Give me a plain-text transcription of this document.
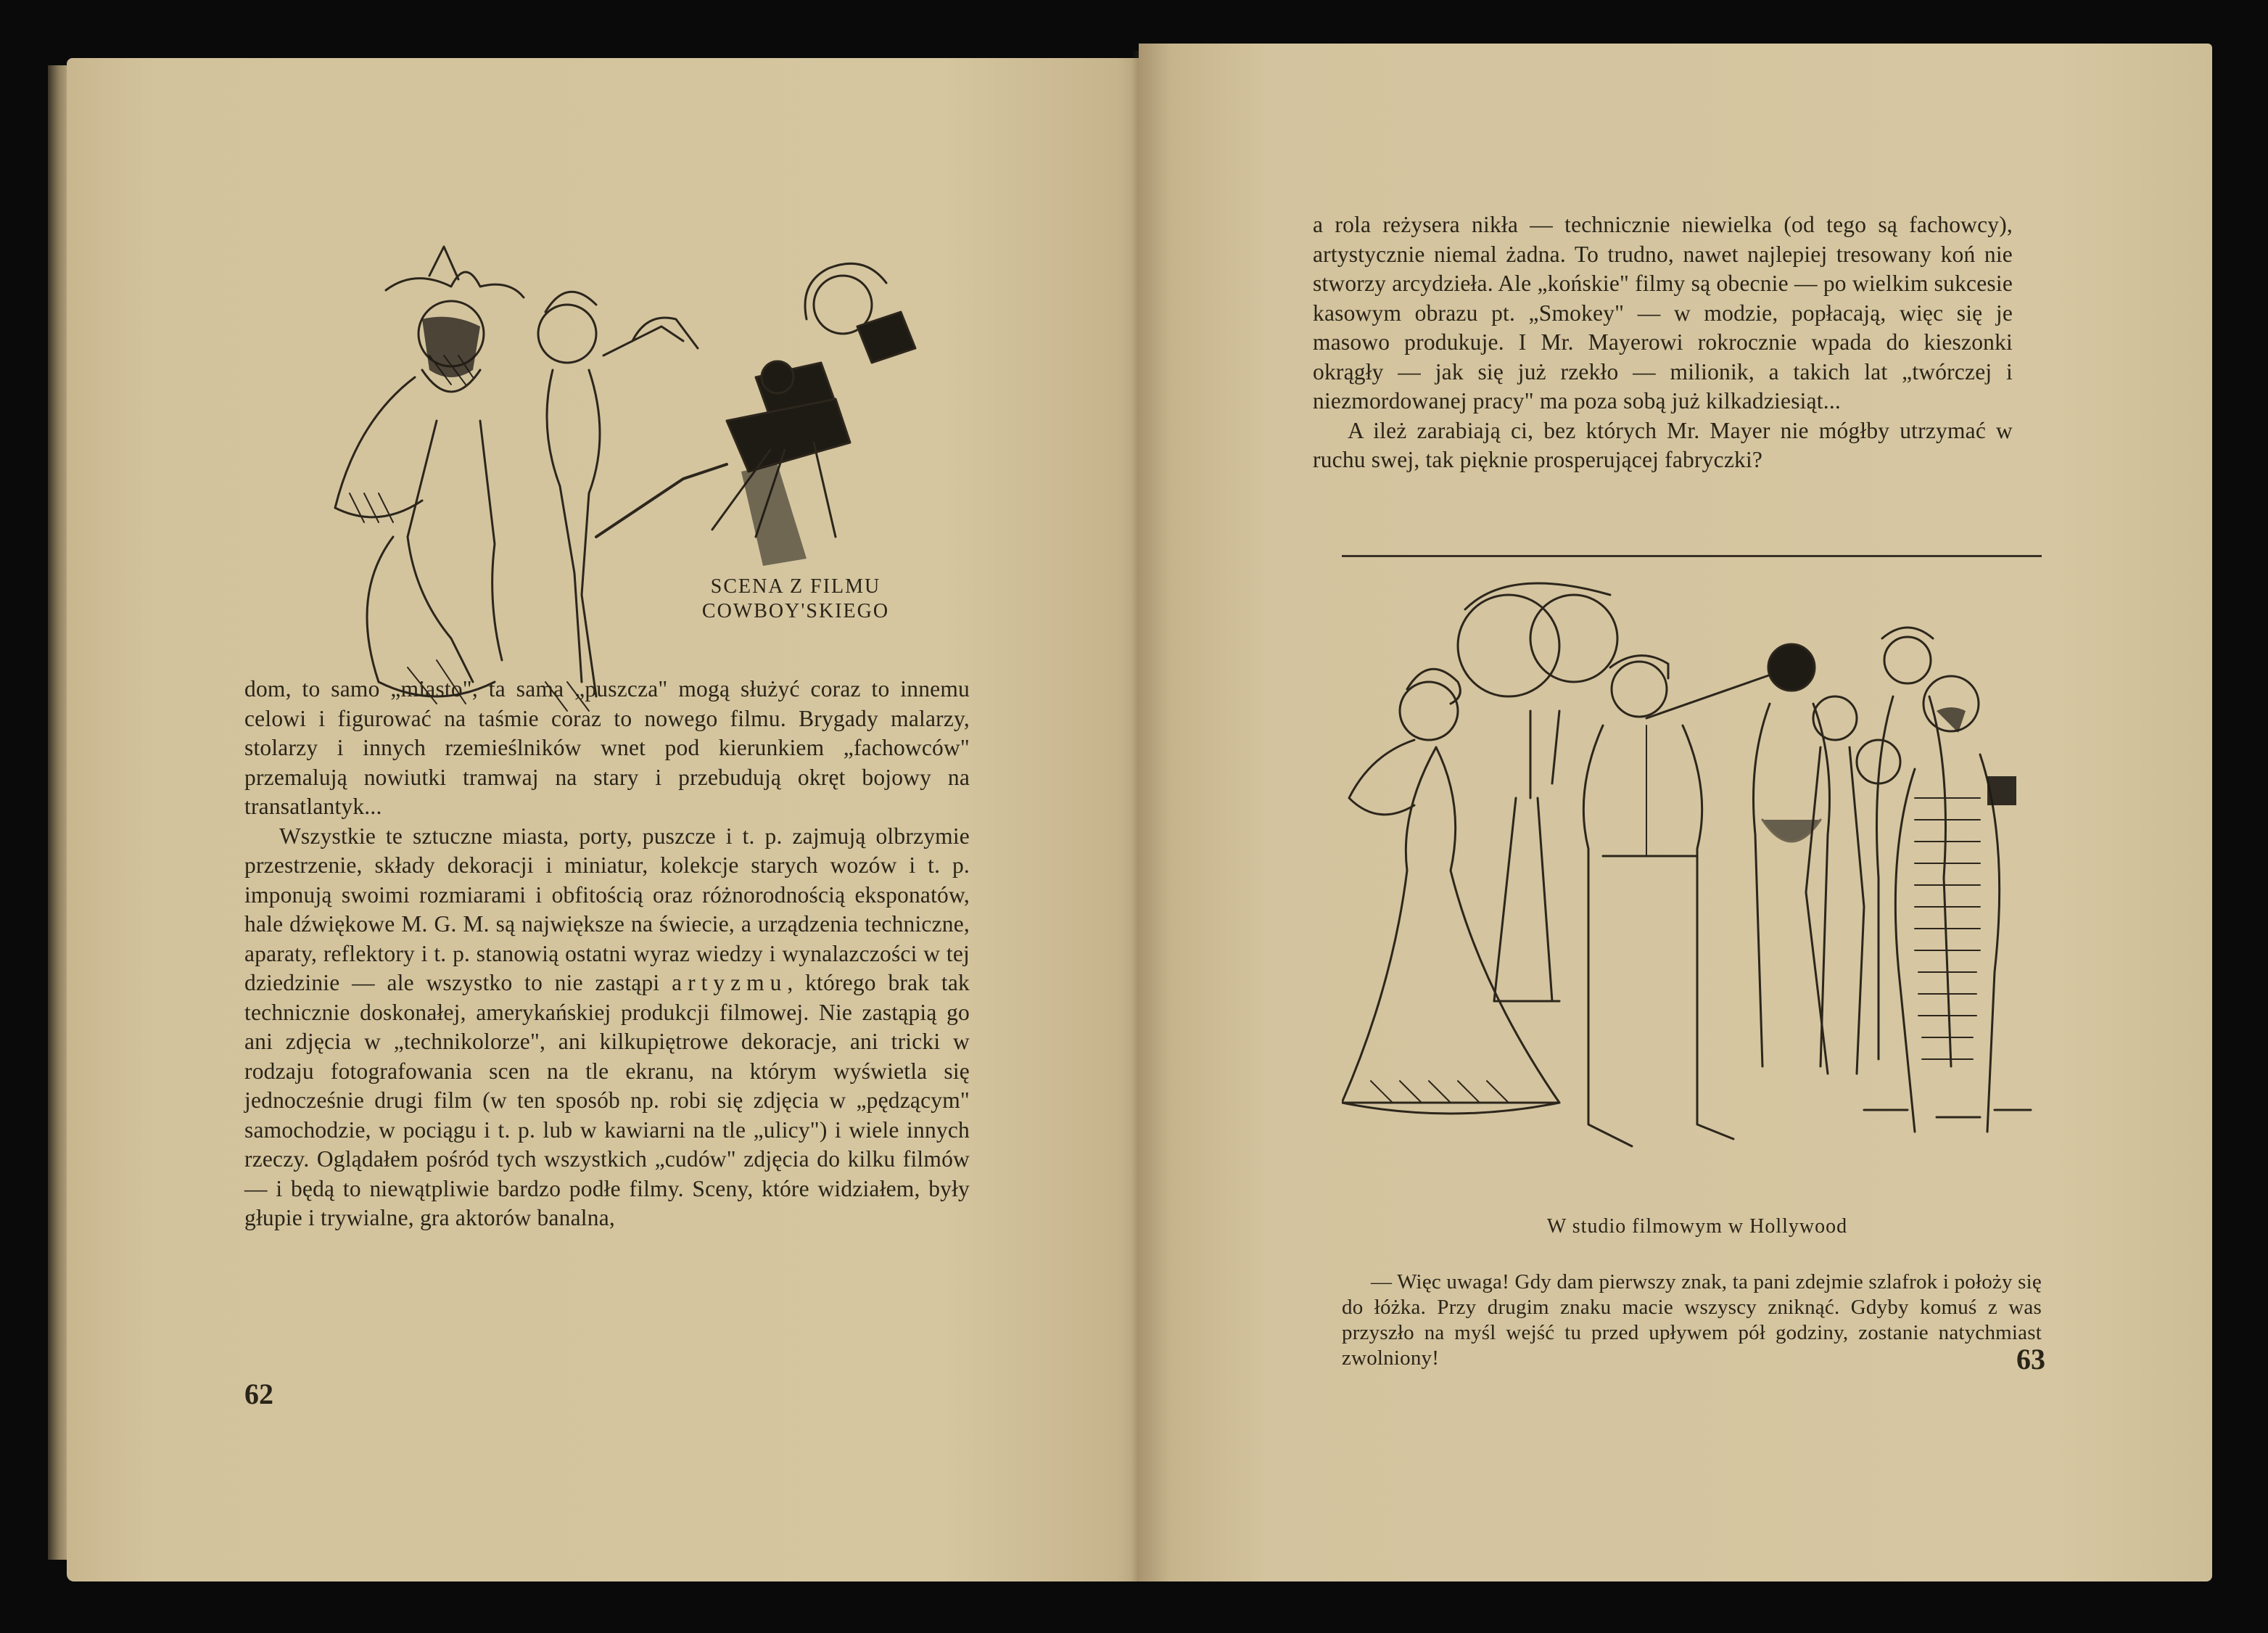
SCENA Z FILMU
COWBOY'SKIEGO

dom, to samo „miasto", ta sama „puszcza" mogą służyć coraz to innemu celowi i figurować na taśmie coraz to nowego filmu. Brygady malarzy, stolarzy i innych rzemieślników wnet pod kierunkiem „fachowców" przemalują nowiutki tramwaj na stary i przebudują okręt bojowy na transatlantyk...

Wszystkie te sztuczne miasta, porty, puszcze i t. p. zajmują olbrzymie przestrzenie, składy dekoracji i miniatur, kolekcje starych wozów i t. p. imponują swoimi rozmiarami i obfitością oraz różnorodnością eksponatów, hale dźwiękowe M. G. M. są największe na świecie, a urządzenia techniczne, aparaty, reflektory i t. p. stanowią ostatni wyraz wiedzy i wynalazczości w tej dziedzinie — ale wszystko to nie zastąpi artyzmu, którego brak tak technicznie doskonałej, amerykańskiej produkcji filmowej. Nie zastąpią go ani zdjęcia w „technikolorze", ani kilkupiętrowe dekoracje, ani tricki w rodzaju fotografowania scen na tle ekranu, na którym wyświetla się jednocześnie drugi film (w ten sposób np. robi się zdjęcia w „pędzącym" samochodzie, w pociągu i t. p. lub w kawiarni na tle „ulicy") i wiele innych rzeczy. Oglądałem pośród tych wszystkich „cudów" zdjęcia do kilku filmów — i będą to niewątpliwie bardzo podłe filmy. Sceny, które widziałem, były głupie i trywialne, gra aktorów banalna,

62

a rola reżysera nikła — technicznie niewielka (od tego są fachowcy), artystycznie niemal żadna. To trudno, nawet najlepiej tresowany koń nie stworzy arcydzieła. Ale „końskie" filmy są obecnie — po wielkim sukcesie kasowym obrazu pt. „Smokey" — w modzie, popłacają, więc się je masowo produkuje. I Mr. Mayerowi rokrocznie wpada do kieszonki okrągły — jak się już rzekło — milionik, a takich lat „twórczej i niezmordowanej pracy" ma poza sobą już kilkadziesiąt...

A ileż zarabiają ci, bez których Mr. Mayer nie mógłby utrzymać w ruchu swej, tak pięknie prosperującej fabryczki?

W studio filmowym w Hollywood
— Więc uwaga! Gdy dam pierwszy znak, ta pani zdejmie szlafrok i położy się do łóżka. Przy drugim znaku macie wszyscy zniknąć. Gdyby komuś z was przyszło na myśl wejść tu przed upływem pół godziny, zostanie natychmiast zwolniony!	63
